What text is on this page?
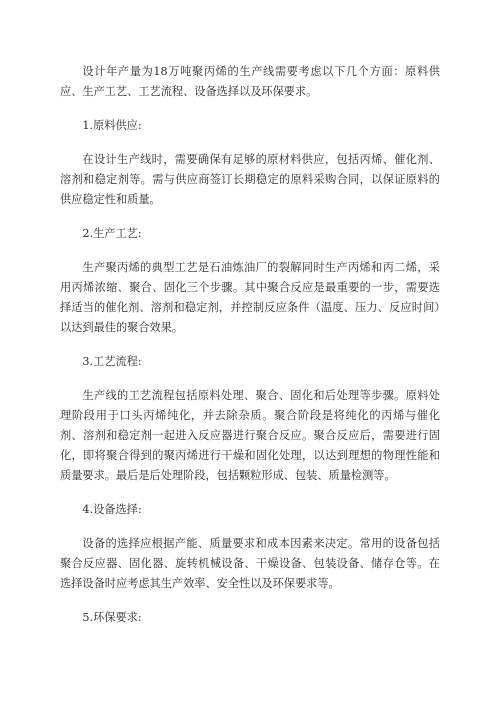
设计年产量为18万吨聚丙烯的生产线需要考虑以下几个方面：原料供应、生产工艺、工艺流程、设备选择以及环保要求。

1.原料供应:

在设计生产线时，需要确保有足够的原材料供应，包括丙烯、催化剂、溶剂和稳定剂等。需与供应商签订长期稳定的原料采购合同，以保证原料的供应稳定性和质量。

2.生产工艺:

生产聚丙烯的典型工艺是石油炼油厂的裂解同时生产丙烯和丙二烯，采用丙烯浓缩、聚合、固化三个步骤。其中聚合反应是最重要的一步，需要选择适当的催化剂、溶剂和稳定剂，并控制反应条件（温度、压力、反应时间）以达到最佳的聚合效果。

3.工艺流程:

生产线的工艺流程包括原料处理、聚合、固化和后处理等步骤。原料处理阶段用于口头丙烯纯化，并去除杂质。聚合阶段是将纯化的丙烯与催化剂、溶剂和稳定剂一起进入反应器进行聚合反应。聚合反应后，需要进行固化，即将聚合得到的聚丙烯进行干燥和固化处理，以达到理想的物理性能和质量要求。最后是后处理阶段，包括颗粒形成、包装、质量检测等。

4.设备选择:

设备的选择应根据产能、质量要求和成本因素来决定。常用的设备包括聚合反应器、固化器、旋转机械设备、干燥设备、包装设备、储存仓等。在选择设备时应考虑其生产效率、安全性以及环保要求等。

5.环保要求:
